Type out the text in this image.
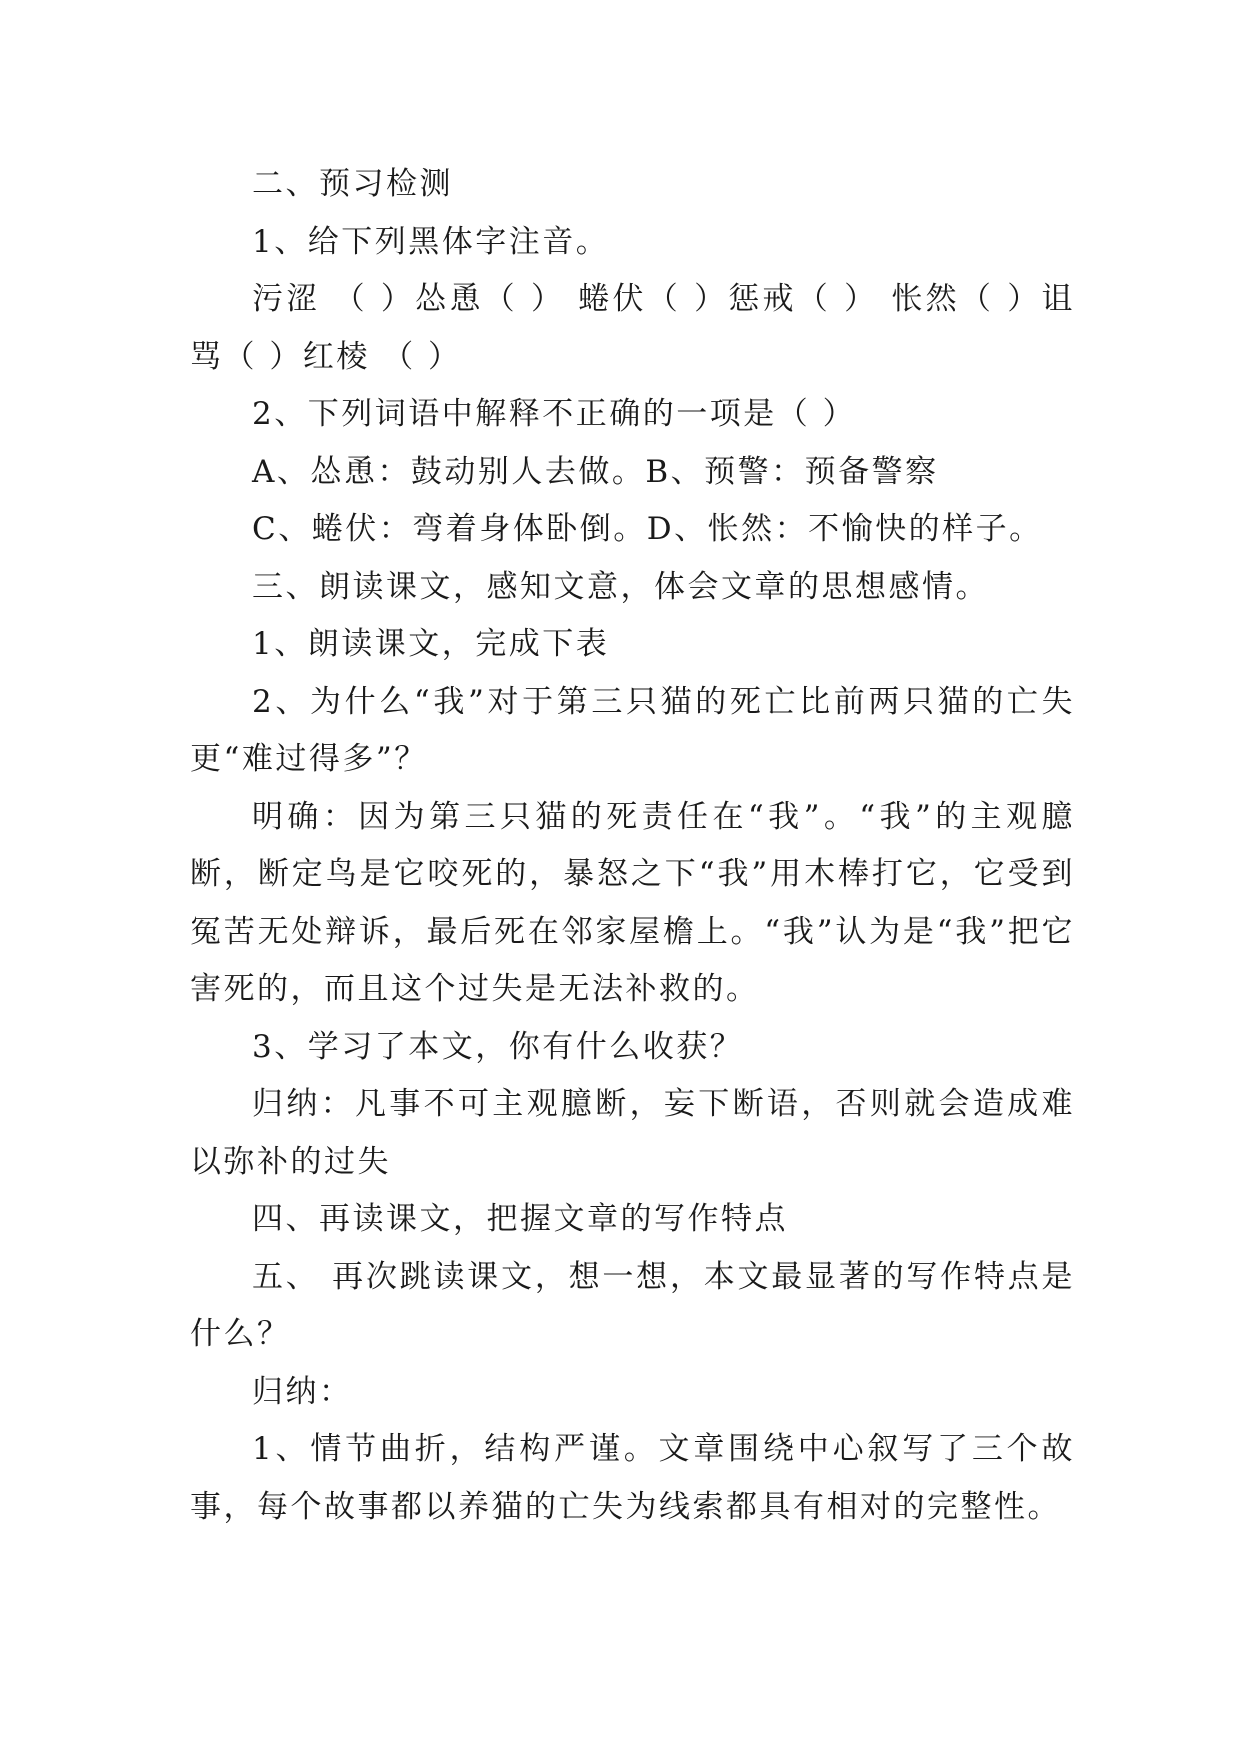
二、预习检测

1、给下列黑体字注音。

污涩 （ ）怂恿（ ） 蜷伏（ ）惩戒（ ） 怅然（ ）诅骂（ ）红棱 （ ）

2、下列词语中解释不正确的一项是（ ）

A、怂恿：鼓动别人去做。B、预警：预备警察

C、蜷伏：弯着身体卧倒。D、怅然：不愉快的样子。

三、朗读课文，感知文意，体会文章的思想感情。

1、朗读课文，完成下表

2、为什么“我”对于第三只猫的死亡比前两只猫的亡失更“难过得多”？

明确：因为第三只猫的死责任在“我”。“我”的主观臆断，断定鸟是它咬死的，暴怒之下“我”用木棒打它，它受到冤苦无处辩诉，最后死在邻家屋檐上。“我”认为是“我”把它害死的，而且这个过失是无法补救的。

3、学习了本文，你有什么收获？

归纳：凡事不可主观臆断，妄下断语，否则就会造成难以弥补的过失

四、再读课文，把握文章的写作特点

五、 再次跳读课文，想一想，本文最显著的写作特点是什么？

归纳：

1、情节曲折，结构严谨。文章围绕中心叙写了三个故事，每个故事都以养猫的亡失为线索都具有相对的完整性。
